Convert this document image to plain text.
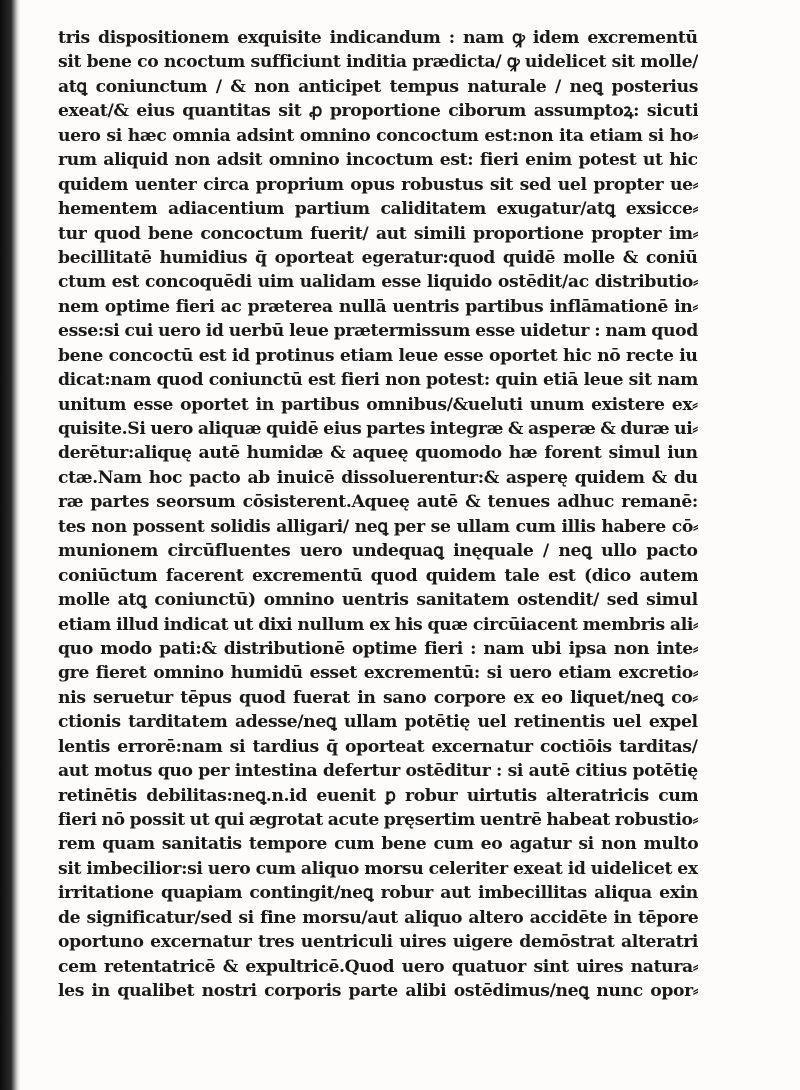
tris dispositionem exquisite indicandum : nam ꝙ idem excrementū
sit bene co ncoctum sufficiunt inditia prædicta/ ꝙ uidelicet sit molle/
atꝗ coniunctum / & non anticipet tempus naturale / neꝗ posterius
exeat/& eius quantitas sit ꝓ proportione ciborum assumptoꝝ: sicuti
uero si hæc omnia adsint omnino concoctum est:non ita etiam si ho⸗
rum aliquid non adsit omnino incoctum est: fieri enim potest ut hic
quidem uenter circa proprium opus robustus sit sed uel propter ue⸗
hementem adiacentium partium caliditatem exugatur/atꝗ exsicce⸗
tur quod bene concoctum fuerit/ aut simili proportione propter im⸗
becillitatē humidius q̄ oporteat egeratur:quod quidē molle & coniū
ctum est concoquēdi uim ualidam esse liquido ostēdit/ac distributio⸗
nem optime fieri ac præterea nullā uentris partibus inflāmationē in⸗
esse:si cui uero id uerbū leue prætermissum esse uidetur : nam quod
bene concoctū est id protinus etiam leue esse oportet hic nō recte iu
dicat:nam quod coniunctū est fieri non potest: quin etiā leue sit nam
unitum esse oportet in partibus omnibus/&ueluti unum existere ex⸗
quisite.Si uero aliquæ quidē eius partes integræ & asperæ & duræ ui⸗
derētur:aliquę autē humidæ & aqueę quomodo hæ forent simul iun
ctæ.Nam hoc pacto ab inuicē dissoluerentur:& asperę quidem & du
ræ partes seorsum cōsisterent.Aqueę autē & tenues adhuc remanē:
tes non possent solidis alligari/ neꝗ per se ullam cum illis habere cō⸗
munionem circūfluentes uero undequaꝗ inęquale / neꝗ ullo pacto
coniūctum facerent excrementū quod quidem tale est (dico autem
molle atꝗ coniunctū) omnino uentris sanitatem ostendit/ sed simul
etiam illud indicat ut dixi nullum ex his quæ circūiacent membris ali⸗
quo modo pati:& distributionē optime fieri : nam ubi ipsa non inte⸗
gre fieret omnino humidū esset excrementū: si uero etiam excretio⸗
nis seruetur tēpus quod fuerat in sano corpore ex eo liquet/neꝗ co⸗
ctionis tarditatem adesse/neꝗ ullam potētię uel retinentis uel expel
lentis errorē:nam si tardius q̄ oporteat excernatur coctiōis tarditas/
aut motus quo per intestina defertur ostēditur : si autē citius potētię
retinētis debilitas:neꝗ.n.id euenit ꝑ robur uirtutis alteratricis cum
fieri nō possit ut qui ægrotat acute pręsertim uentrē habeat robustio⸗
rem quam sanitatis tempore cum bene cum eo agatur si non multo
sit imbecilior:si uero cum aliquo morsu celeriter exeat id uidelicet ex
irritatione quapiam contingit/neꝗ robur aut imbecillitas aliqua exin
de significatur/sed si fine morsu/aut aliquo altero accidēte in tēpore
oportuno excernatur tres uentriculi uires uigere demōstrat alteratri
cem retentatricē & expultricē.Quod uero quatuor sint uires natura⸗
les in qualibet nostri corporis parte alibi ostēdimus/neꝗ nunc opor⸗
